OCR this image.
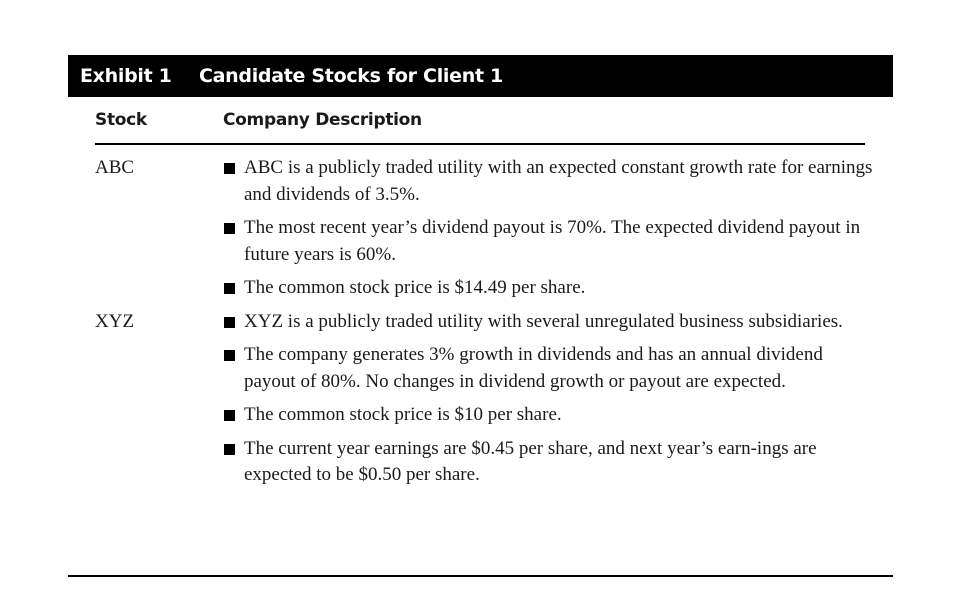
Exhibit 1	Candidate Stocks for Client 1
Stock	Company Description
ABC	ABC is a publicly traded utility with an expected constant growth rate for earnings and dividends of 3.5%.
The most recent year’s dividend payout is 70%. The expected dividend payout in future years is 60%.
The common stock price is $14.49 per share.
XYZ	XYZ is a publicly traded utility with several unregulated business subsidiaries.
The company generates 3% growth in dividends and has an annual dividend payout of 80%. No changes in dividend growth or payout are expected.
The common stock price is $10 per share.
The current year earnings are $0.45 per share, and next year’s earn-ings are expected to be $0.50 per share.
